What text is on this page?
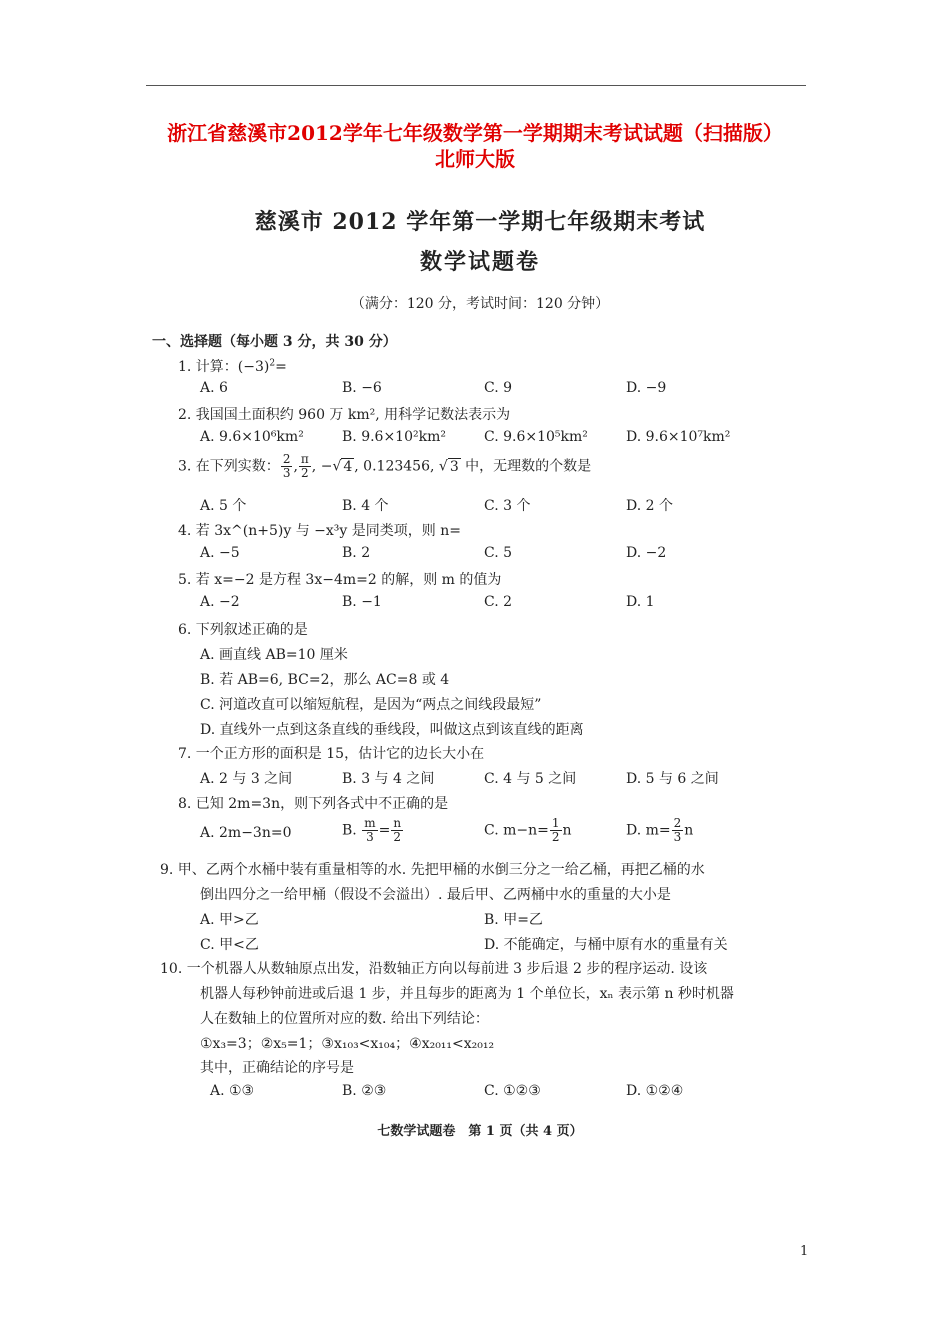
浙江省慈溪市2012学年七年级数学第一学期期末考试试题（扫描版）
北师大版
慈溪市 2012 学年第一学期七年级期末考试
数学试题卷
（满分：120 分，考试时间：120 分钟）
一、选择题（每小题 3 分，共 30 分）
1. 计算：$(-3)^2=$
A. 6	B. −6	C. 9	D. −9
2. 我国国土面积约 960 万 km², 用科学记数法表示为
A. 9.6×10⁶km²	B. 9.6×10²km²	C. 9.6×10⁵km²	D. 9.6×10⁷km²
3. 在下列实数： $\frac{2}{3}$ , $\frac{\pi}{2}$ , −√ 4 , 0.123456, √ 3 中，无理数的个数是
A. 5 个	B. 4 个	C. 3 个	D. 2 个
4. 若 3x^(n+5)y 与 −x³y 是同类项，则 n=
A. −5	B. 2	C. 5	D. −2
5. 若 x=−2 是方程 3x−4m=2 的解，则 m 的值为
A. −2	B. −1	C. 2	D. 1
6. 下列叙述正确的是
A. 画直线 AB=10 厘米
B. 若 AB=6, BC=2，那么 AC=8 或 4
C. 河道改直可以缩短航程，是因为“两点之间线段最短”
D. 直线外一点到这条直线的垂线段，叫做这点到该直线的距离
7. 一个正方形的面积是 15，估计它的边长大小在
A. 2 与 3 之间	B. 3 与 4 之间	C. 4 与 5 之间	D. 5 与 6 之间
8. 已知 2m=3n，则下列各式中不正确的是
A. 2m−3n=0	B. $\frac{m}{3} = \frac{n}{2}$	C. $m-n= \frac{1}{2}$ n	D. $m= \frac{2}{3}$ n
9. 甲、乙两个水桶中装有重量相等的水. 先把甲桶的水倒三分之一给乙桶，再把乙桶的水
倒出四分之一给甲桶（假设不会溢出）. 最后甲、乙两桶中水的重量的大小是
A. 甲>乙	B. 甲=乙
C. 甲<乙	D. 不能确定，与桶中原有水的重量有关
10. 一个机器人从数轴原点出发，沿数轴正方向以每前进 3 步后退 2 步的程序运动. 设该
机器人每秒钟前进或后退 1 步，并且每步的距离为 1 个单位长，xₙ 表示第 n 秒时机器
人在数轴上的位置所对应的数. 给出下列结论：
①x₃=3；②x₅=1；③x₁₀₃<x₁₀₄；④x₂₀₁₁<x₂₀₁₂
其中，正确结论的序号是
A. ①③	B. ②③	C. ①②③	D. ①②④
七数学试题卷　第 1 页（共 4 页）
1
